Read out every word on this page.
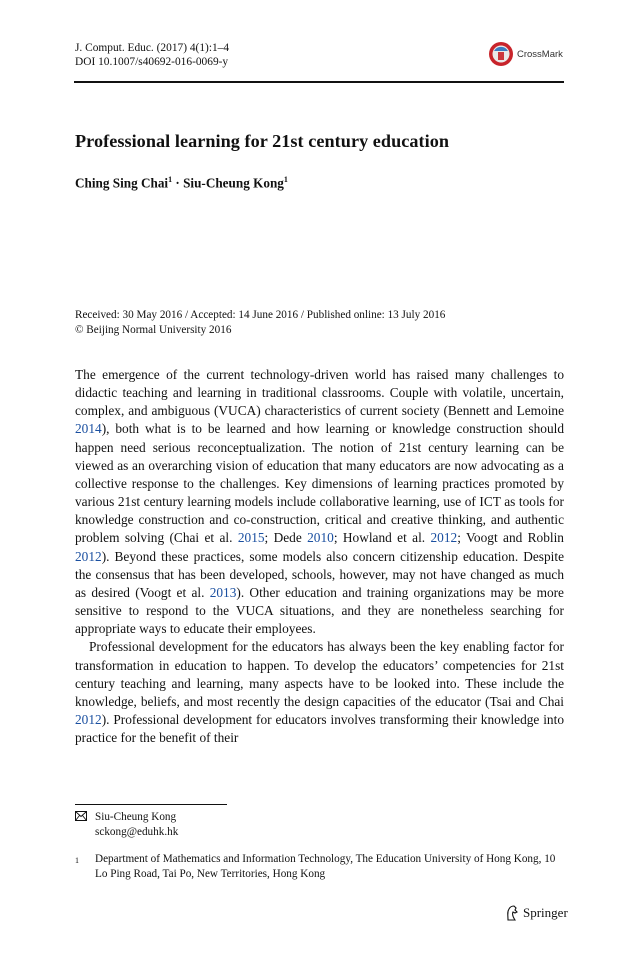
J. Comput. Educ. (2017) 4(1):1–4
DOI 10.1007/s40692-016-0069-y
CrossMark
Professional learning for 21st century education
Ching Sing Chai$^1$ · Siu-Cheung Kong$^1$
Received: 30 May 2016 / Accepted: 14 June 2016 / Published online: 13 July 2016
© Beijing Normal University 2016

The emergence of the current technology-driven world has raised many challenges to didactic teaching and learning in traditional classrooms. Couple with volatile, uncertain, complex, and ambiguous (VUCA) characteristics of current society (Bennett and Lemoine 2014), both what is to be learned and how learning or knowledge construction should happen need serious reconceptualization. The notion of 21st century learning can be viewed as an overarching vision of education that many educators are now advocating as a collective response to the challenges. Key dimensions of learning practices promoted by various 21st century learning models include collaborative learning, use of ICT as tools for knowledge construction and co-construction, critical and creative thinking, and authentic problem solving (Chai et al. 2015; Dede 2010; Howland et al. 2012; Voogt and Roblin 2012). Beyond these practices, some models also concern citizenship education. Despite the consensus that has been developed, schools, however, may not have changed as much as desired (Voogt et al. 2013). Other education and training organizations may be more sensitive to respond to the VUCA situations, and they are nonetheless searching for appropriate ways to educate their employees.

Professional development for the educators has always been the key enabling factor for transformation in education to happen. To develop the educators’ competencies for 21st century teaching and learning, many aspects have to be looked into. These include the knowledge, beliefs, and most recently the design capacities of the educator (Tsai and Chai 2012). Professional development for educators involves transforming their knowledge into practice for the benefit of their

Siu-Cheung Kong
sckong@eduhk.hk
1	Department of Mathematics and Information Technology, The Education University of Hong Kong, 10 Lo Ping Road, Tai Po, New Territories, Hong Kong
Springer
